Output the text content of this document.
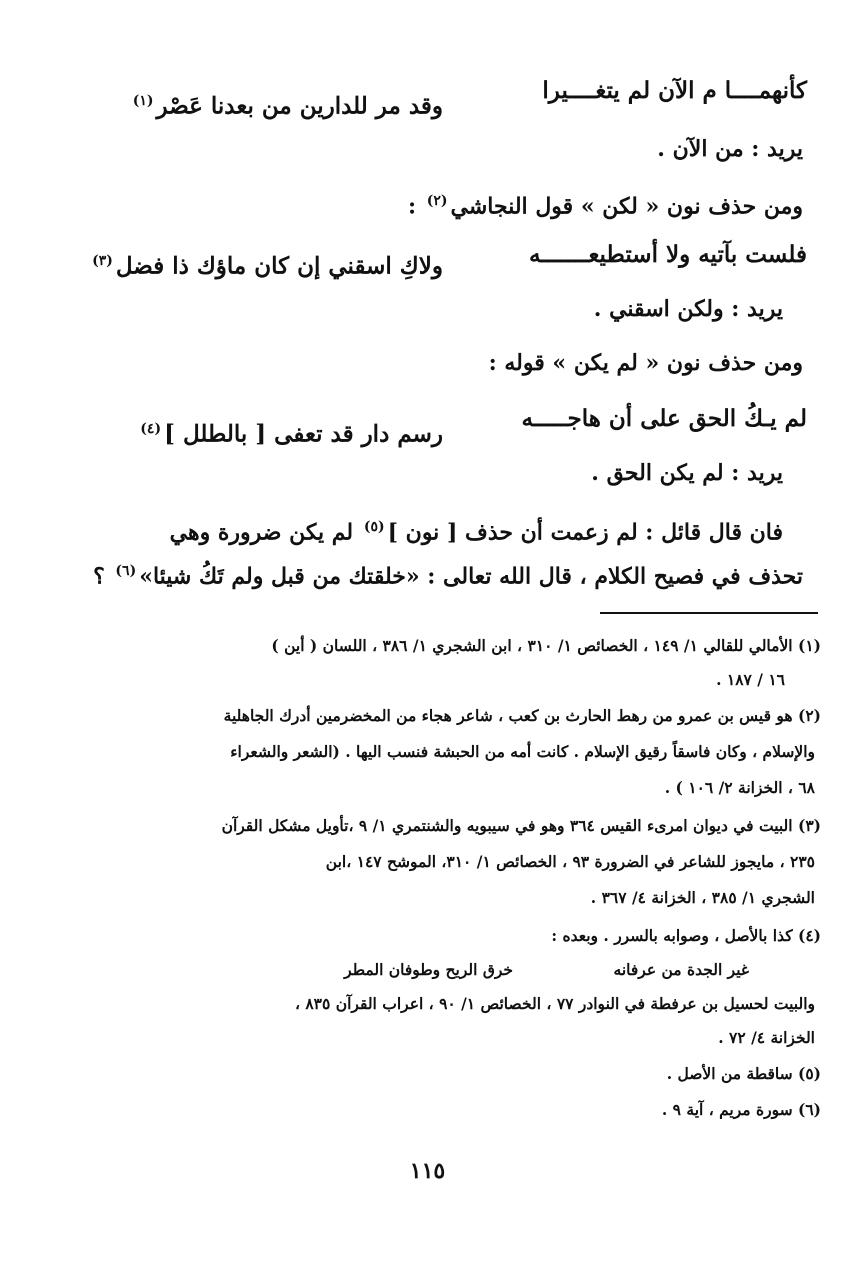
كأنهمــــا م الآن لم يتغــــيرا
وقد مر للدارين من بعدنا عَصْر$^{(١)}$
يريد : من الآن .
ومن حذف نون « لكن » قول النجاشي$^{(٢)}$ :
فلست بآتيه ولا أستطيعـــــــه
ولاكِ اسقني إن كان ماؤك ذا فضل$^{(٣)}$
يريد : ولكن اسقني .
ومن حذف نون « لم يكن » قوله :
لم يـكُ الحق على أن هاجـــــه
رسم دار قد تعفى [ بالطلل ]$^{(٤)}$
يريد : لم يكن الحق .
فان قال قائل : لم زعمت أن حذف [ نون ]$^{(٥)}$ لم يكن ضرورة وهي
تحذف في فصيح الكلام ، قال الله تعالى : «خلقتك من قبل ولم تَكُ شيئا»$^{(٦)}$ ؟
(١) الأمالي للقالي ١/ ١٤٩ ، الخصائص ١/ ٣١٠ ، ابن الشجري ١/ ٣٨٦ ، اللسان ( أين )
١٦ / ١٨٧ .
(٢) هو قيس بن عمرو من رهط الحارث بن كعب ، شاعر هجاء من المخضرمين أدرك الجاهلية
والإسلام ، وكان فاسقاً رقيق الإسلام . كانت أمه من الحبشة فنسب اليها . (الشعر والشعراء
٦٨ ، الخزانة ٢/ ١٠٦ ) .
(٣) البيت في ديوان امرىء القيس ٣٦٤ وهو في سيبويه والشنتمري ١/ ٩ ،تأويل مشكل القرآن
٢٣٥ ، مايجوز للشاعر في الضرورة ٩٣ ، الخصائص ١/ ٣١٠، الموشح ١٤٧ ،ابن
الشجري ١/ ٣٨٥ ، الخزانة ٤/ ٣٦٧ .
(٤) كذا بالأصل ، وصوابه بالسرر . وبعده :
غير الجدة من عرفانه
خرق الريح وطوفان المطر
والبيت لحسيل بن عرفطة في النوادر ٧٧ ، الخصائص ١/ ٩٠ ، اعراب القرآن ٨٣٥ ،
الخزانة ٤/ ٧٢ .
(٥) ساقطة من الأصل .
(٦) سورة مريم ، آية ٩ .
١١٥
